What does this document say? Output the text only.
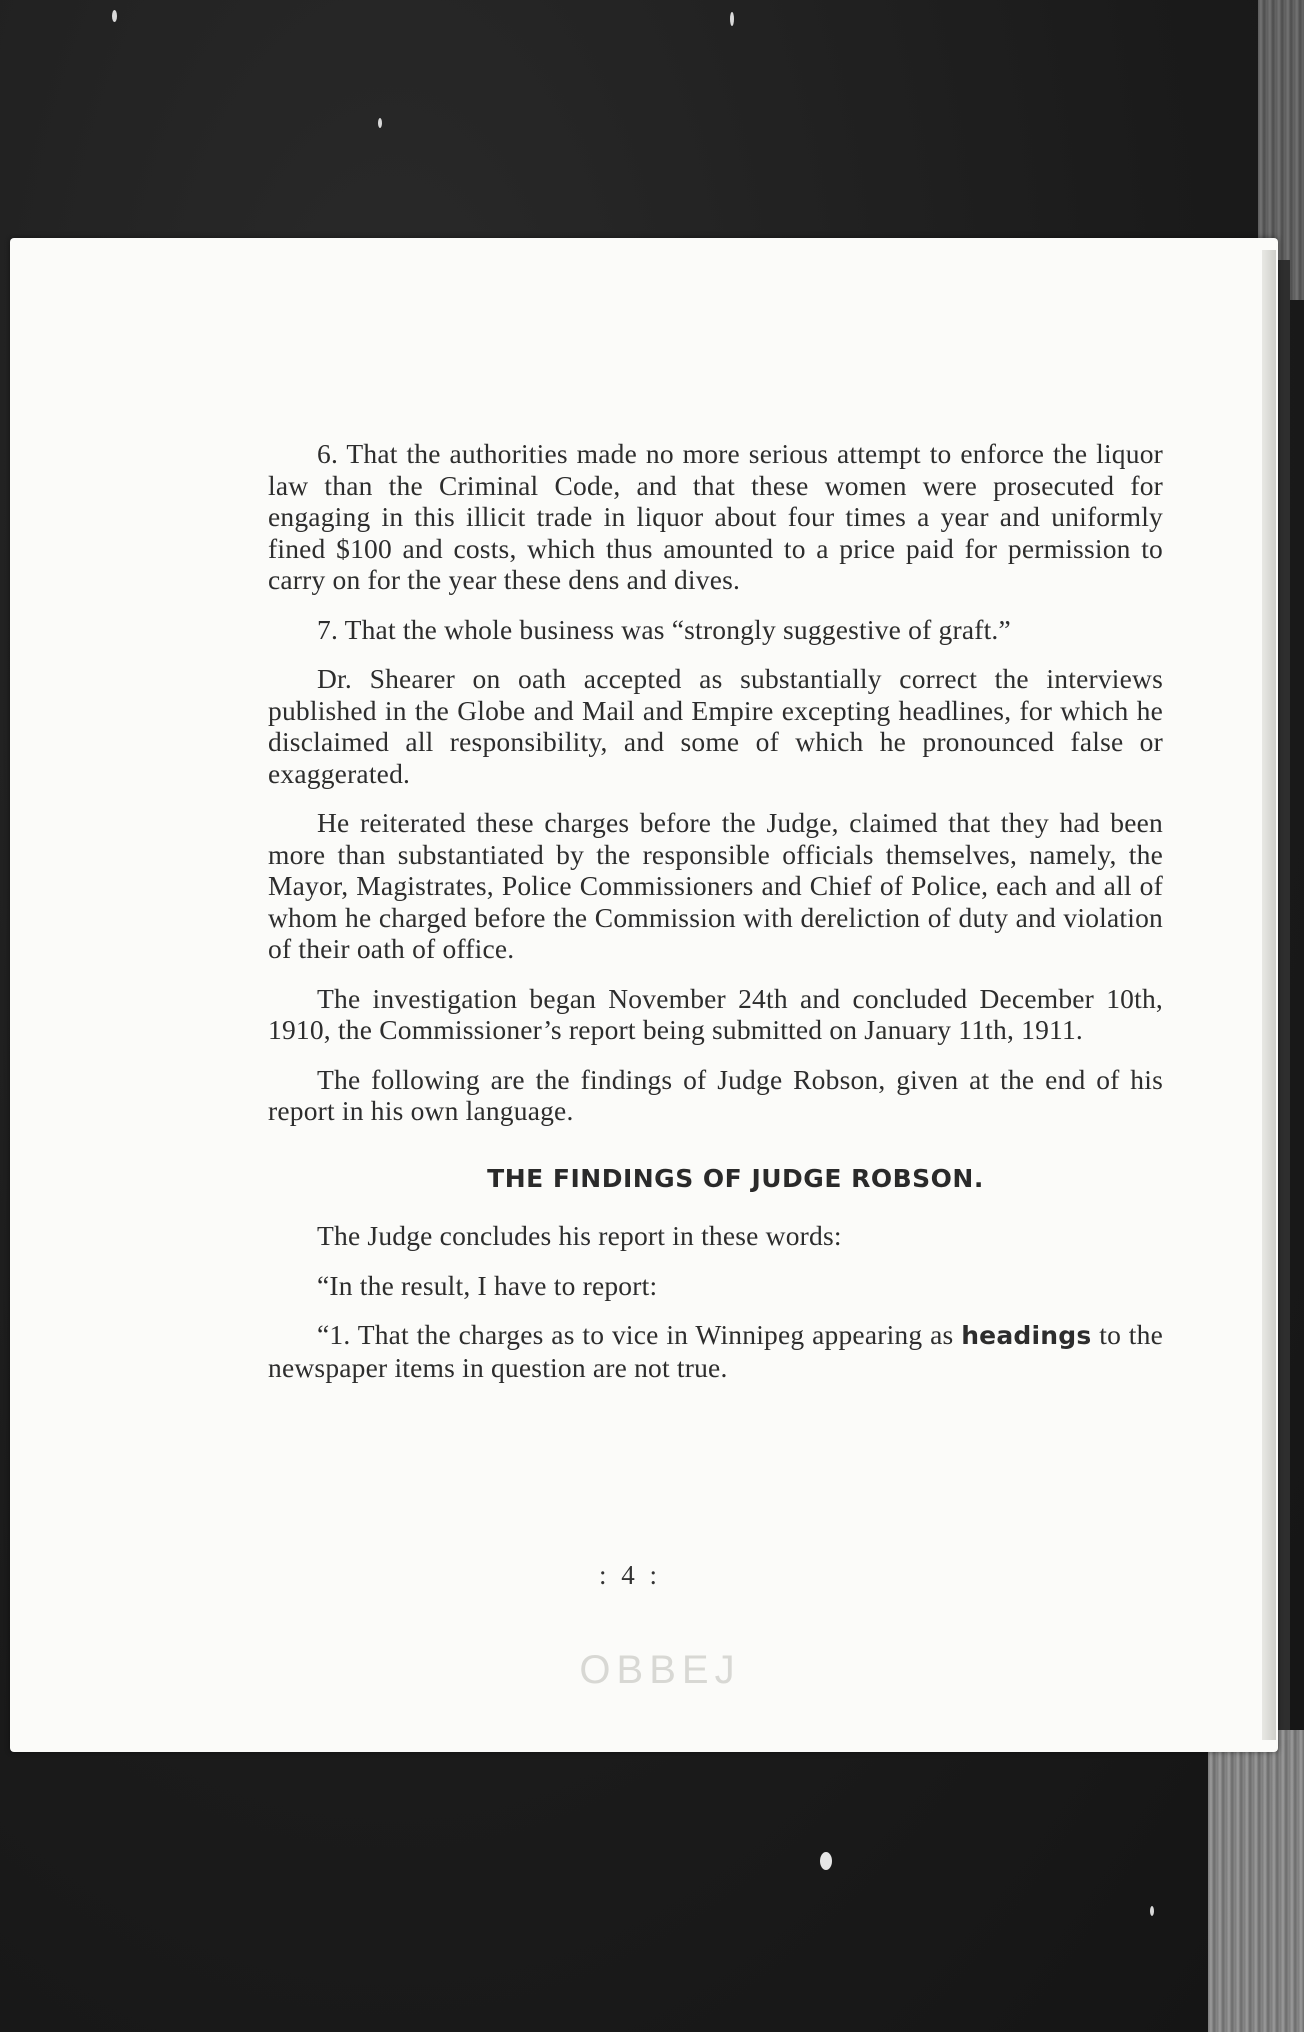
6. That the authorities made no more serious attempt to enforce the liquor law than the Criminal Code, and that these women were prosecuted for engaging in this illicit trade in liquor about four times a year and uniformly fined $100 and costs, which thus amounted to a price paid for permission to carry on for the year these dens and dives.

7. That the whole business was “strongly suggestive of graft.”

Dr. Shearer on oath accepted as substantially correct the interviews published in the Globe and Mail and Empire excepting headlines, for which he disclaimed all responsibility, and some of which he pronounced false or exaggerated.

He reiterated these charges before the Judge, claimed that they had been more than substantiated by the responsible officials themselves, namely, the Mayor, Magistrates, Police Commissioners and Chief of Police, each and all of whom he charged before the Commission with dereliction of duty and violation of their oath of office.

The investigation began November 24th and concluded December 10th, 1910, the Commissioner’s report being submitted on January 11th, 1911.

The following are the findings of Judge Robson, given at the end of his report in his own language.

THE FINDINGS OF JUDGE ROBSON.

The Judge concludes his report in these words:

“In the result, I have to report:

“1. That the charges as to vice in Winnipeg appearing as headings to the newspaper items in question are not true.

: 4 :
OBBEJ
